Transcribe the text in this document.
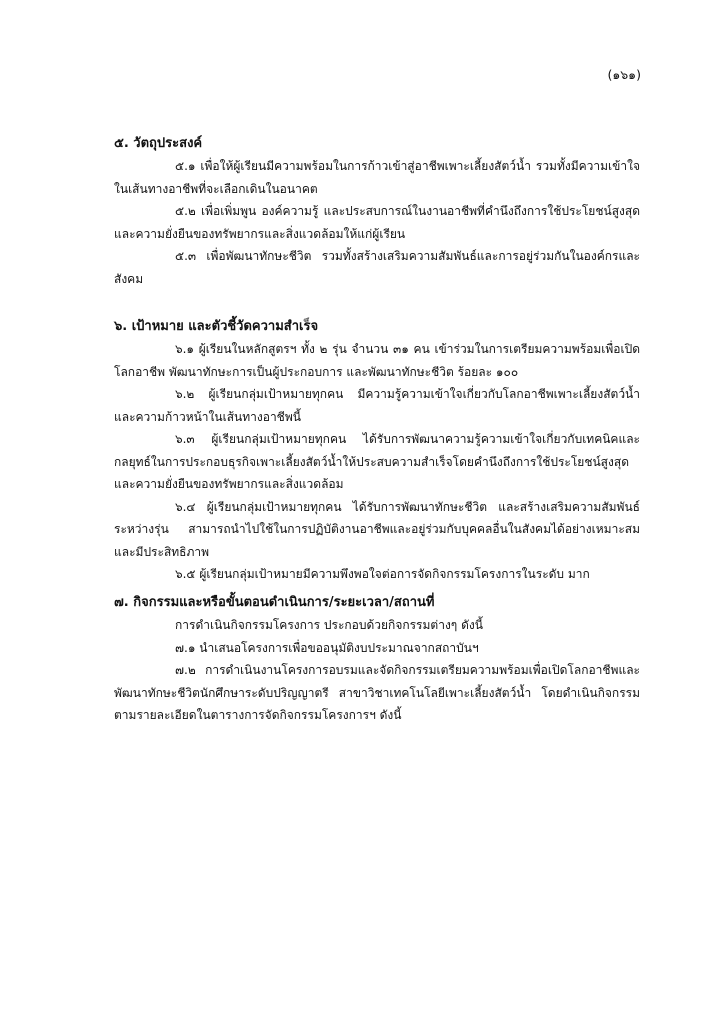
(๑๖๑)

๕. วัตถุประสงค์

๕.๑ เพื่อให้ผู้เรียนมีความพร้อมในการก้าวเข้าสู่อาชีพเพาะเลี้ยงสัตว์น้ำ รวมทั้งมีความเข้าใจในเส้นทางอาชีพที่จะเลือกเดินในอนาคต

๕.๒ เพื่อเพิ่มพูน องค์ความรู้ และประสบการณ์ในงานอาชีพที่คำนึงถึงการใช้ประโยชน์สูงสุดและความยั่งยืนของทรัพยากรและสิ่งแวดล้อมให้แก่ผู้เรียน

๕.๓ เพื่อพัฒนาทักษะชีวิต รวมทั้งสร้างเสริมความสัมพันธ์และการอยู่ร่วมกันในองค์กรและสังคม

๖. เป้าหมาย และตัวชี้วัดความสำเร็จ

๖.๑ ผู้เรียนในหลักสูตรฯ ทั้ง ๒ รุ่น จำนวน ๓๑ คน เข้าร่วมในการเตรียมความพร้อมเพื่อเปิดโลกอาชีพ พัฒนาทักษะการเป็นผู้ประกอบการ และพัฒนาทักษะชีวิต ร้อยละ ๑๐๐

๖.๒ ผู้เรียนกลุ่มเป้าหมายทุกคน มีความรู้ความเข้าใจเกี่ยวกับโลกอาชีพเพาะเลี้ยงสัตว์น้ำและความก้าวหน้าในเส้นทางอาชีพนี้

๖.๓ ผู้เรียนกลุ่มเป้าหมายทุกคน ได้รับการพัฒนาความรู้ความเข้าใจเกี่ยวกับเทคนิคและกลยุทธ์ในการประกอบธุรกิจเพาะเลี้ยงสัตว์น้ำให้ประสบความสำเร็จโดยคำนึงถึงการใช้ประโยชน์สูงสุดและความยั่งยืนของทรัพยากรและสิ่งแวดล้อม

๖.๔ ผู้เรียนกลุ่มเป้าหมายทุกคน ได้รับการพัฒนาทักษะชีวิต และสร้างเสริมความสัมพันธ์ระหว่างรุ่น สามารถนำไปใช้ในการปฏิบัติงานอาชีพและอยู่ร่วมกับบุคคลอื่นในสังคมได้อย่างเหมาะสมและมีประสิทธิภาพ

๖.๕ ผู้เรียนกลุ่มเป้าหมายมีความพึงพอใจต่อการจัดกิจกรรมโครงการในระดับ มาก

๗. กิจกรรมและหรือขั้นตอนดำเนินการ/ระยะเวลา/สถานที่

การดำเนินกิจกรรมโครงการ ประกอบด้วยกิจกรรมต่างๆ ดังนี้

๗.๑ นำเสนอโครงการเพื่อขออนุมัติงบประมาณจากสถาบันฯ

๗.๒ การดำเนินงานโครงการอบรมและจัดกิจกรรมเตรียมความพร้อมเพื่อเปิดโลกอาชีพและพัฒนาทักษะชีวิตนักศึกษาระดับปริญญาตรี สาขาวิชาเทคโนโลยีเพาะเลี้ยงสัตว์น้ำ โดยดำเนินกิจกรรมตามรายละเอียดในตารางการจัดกิจกรรมโครงการฯ ดังนี้
